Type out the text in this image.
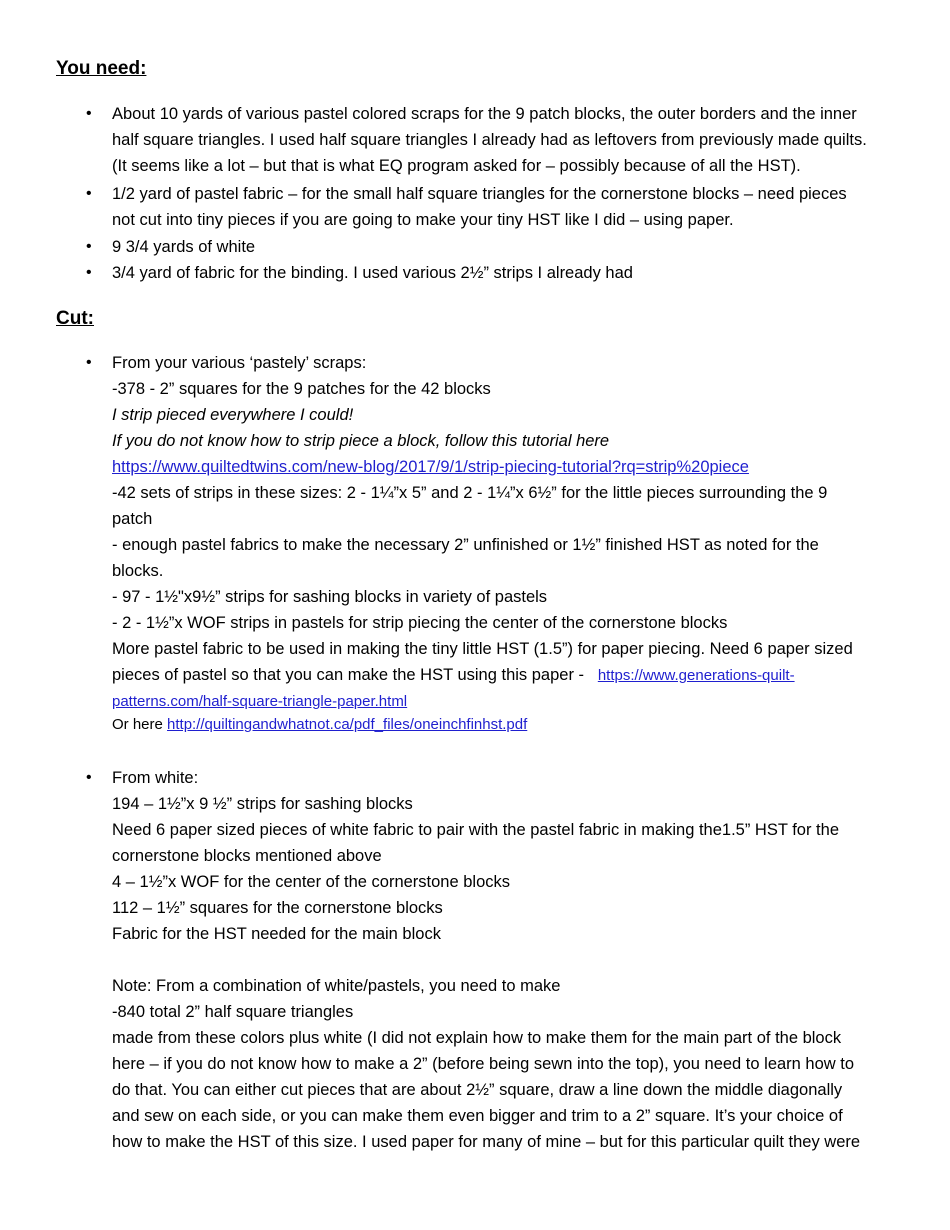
You need:
• About 10 yards of various pastel colored scraps for the 9 patch blocks, the outer borders and the inner
half square triangles. I used half square triangles I already had as leftovers from previously made quilts.
(It seems like a lot – but that is what EQ program asked for – possibly because of all the HST).
• 1/2 yard of pastel fabric – for the small half square triangles for the cornerstone blocks – need pieces
not cut into tiny pieces if you are going to make your tiny HST like I did – using paper.
• 9 3/4 yards of white
• 3/4 yard of fabric for the binding. I used various 2½” strips I already had
Cut:
• From your various ‘pastely’ scraps:
-378 - 2” squares for the 9 patches for the 42 blocks
I strip pieced everywhere I could!
If you do not know how to strip piece a block, follow this tutorial here
https://www.quiltedtwins.com/new-blog/2017/9/1/strip-piecing-tutorial?rq=strip%20piece
-42 sets of strips in these sizes: 2 - 1¼”x 5” and 2 - 1¼”x 6½” for the little pieces surrounding the 9
patch
- enough pastel fabrics to make the necessary 2” unfinished or 1½” finished HST as noted for the
blocks.
- 97 - 1½"x9½” strips for sashing blocks in variety of pastels
- 2 - 1½”x WOF strips in pastels for strip piecing the center of the cornerstone blocks
More pastel fabric to be used in making the tiny little HST (1.5”) for paper piecing. Need 6 paper sized
pieces of pastel so that you can make the HST using this paper - https://www.generations-quilt-
patterns.com/half-square-triangle-paper.html
Or here http://quiltingandwhatnot.ca/pdf_files/oneinchfinhst.pdf
• From white:
194 – 1½”x 9 ½” strips for sashing blocks
Need 6 paper sized pieces of white fabric to pair with the pastel fabric in making the1.5” HST for the
cornerstone blocks mentioned above
4 – 1½”x WOF for the center of the cornerstone blocks
112 – 1½” squares for the cornerstone blocks
Fabric for the HST needed for the main block
Note: From a combination of white/pastels, you need to make
-840 total 2” half square triangles
made from these colors plus white (I did not explain how to make them for the main part of the block
here – if you do not know how to make a 2” (before being sewn into the top), you need to learn how to
do that. You can either cut pieces that are about 2½” square, draw a line down the middle diagonally
and sew on each side, or you can make them even bigger and trim to a 2” square. It’s your choice of
how to make the HST of this size. I used paper for many of mine – but for this particular quilt they were
